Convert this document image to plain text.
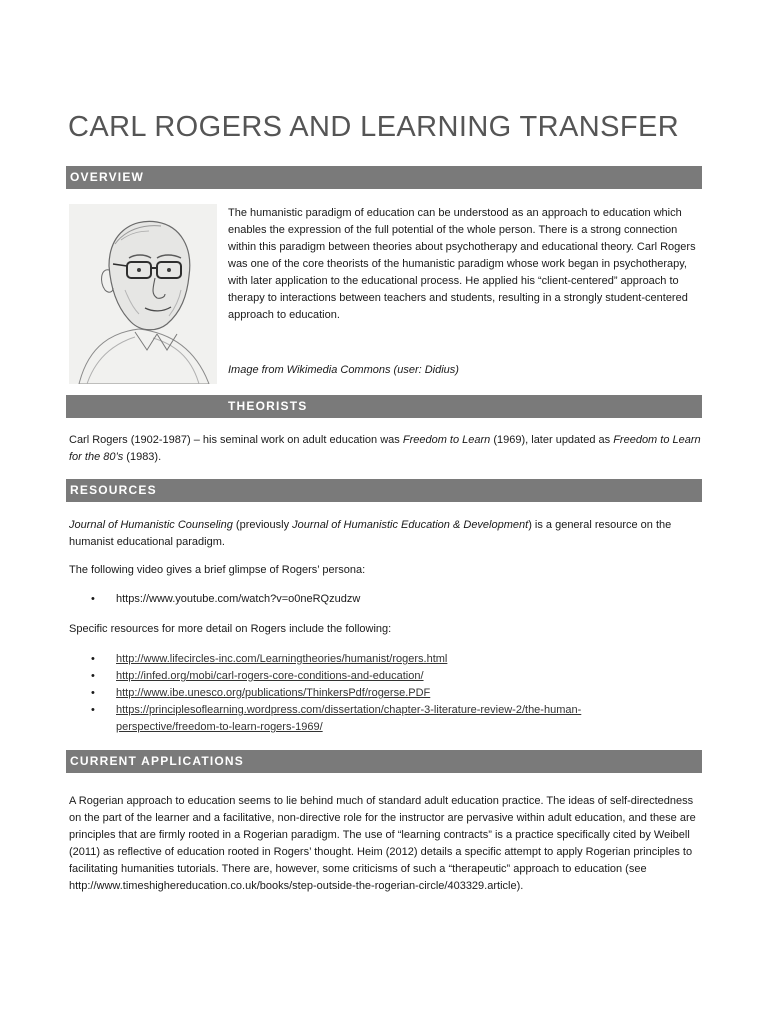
CARL ROGERS AND LEARNING TRANSFER
OVERVIEW

The humanistic paradigm of education can be understood as an approach to education which enables the expression of the full potential of the whole person. There is a strong connection within this paradigm between theories about psychotherapy and educational theory. Carl Rogers was one of the core theorists of the humanistic paradigm whose work began in psychotherapy, with later application to the educational process. He applied his “client-centered” approach to therapy to interactions between teachers and students, resulting in a strongly student-centered approach to education.

Image from Wikimedia Commons (user: Didius)
THEORISTS

Carl Rogers (1902-1987) – his seminal work on adult education was Freedom to Learn (1969), later updated as Freedom to Learn for the 80’s (1983).

RESOURCES

Journal of Humanistic Counseling (previously Journal of Humanistic Education & Development) is a general resource on the humanist educational paradigm.

The following video gives a brief glimpse of Rogers’ persona:

• https://www.youtube.com/watch?v=o0neRQzudzw

Specific resources for more detail on Rogers include the following:

• http://www.lifecircles-inc.com/Learningtheories/humanist/rogers.html
• http://infed.org/mobi/carl-rogers-core-conditions-and-education/
• http://www.ibe.unesco.org/publications/ThinkersPdf/rogerse.PDF
• https://principlesoflearning.wordpress.com/dissertation/chapter-3-literature-review-2/the-human-perspective/freedom-to-learn-rogers-1969/
CURRENT APPLICATIONS

A Rogerian approach to education seems to lie behind much of standard adult education practice. The ideas of self-directedness on the part of the learner and a facilitative, non-directive role for the instructor are pervasive within adult education, and these are principles that are firmly rooted in a Rogerian paradigm. The use of “learning contracts” is a practice specifically cited by Weibell (2011) as reflective of education rooted in Rogers’ thought. Heim (2012) details a specific attempt to apply Rogerian principles to facilitating humanities tutorials. There are, however, some criticisms of such a “therapeutic” approach to education (see http://www.timeshighereducation.co.uk/books/step-outside-the-rogerian-circle/403329.article).
